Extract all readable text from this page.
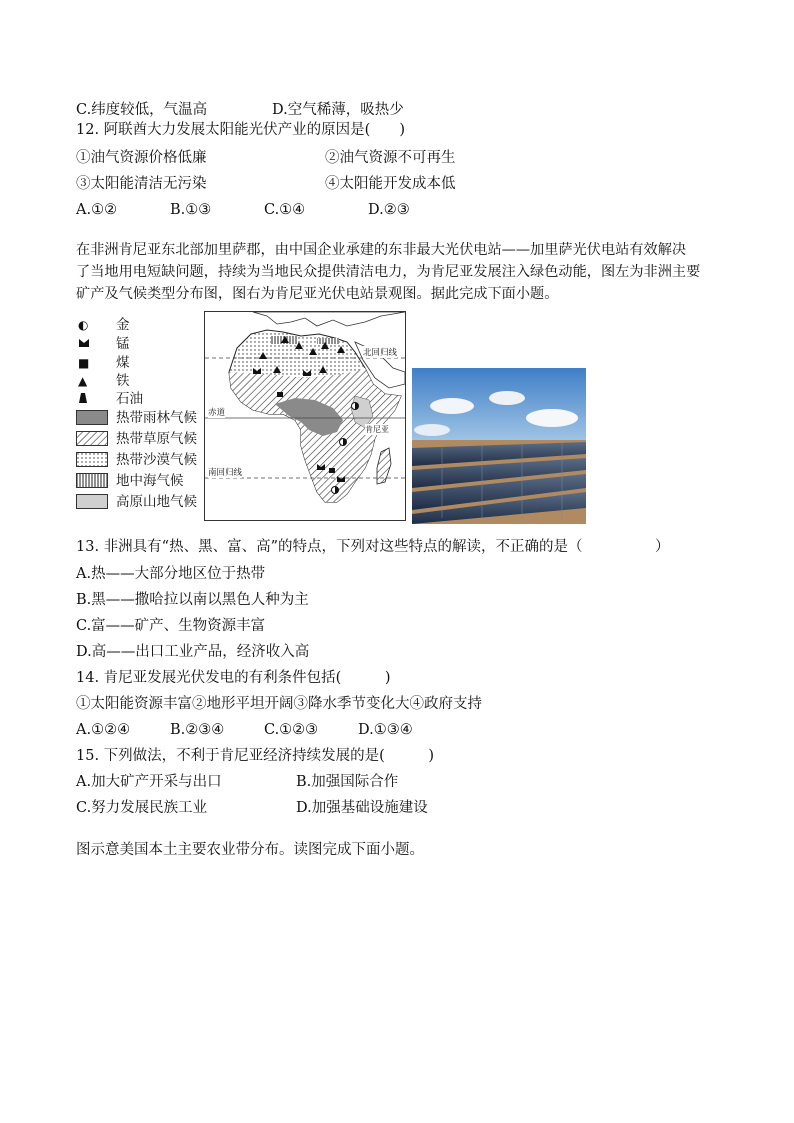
C.纬度较低，气温高	D.空气稀薄，吸热少
12. 阿联酋大力发展太阳能光伏产业的原因是(　　)
①油气资源价格低廉	②油气资源不可再生
③太阳能清洁无污染	④太阳能开发成本低
A.①②	B.①③	C.①④	D.②③
在非洲肯尼亚东北部加里萨郡，由中国企业承建的东非最大光伏电站——加里萨光伏电站有效解决
了当地用电短缺问题，持续为当地民众提供清洁电力，为肯尼亚发展注入绿色动能，图左为非洲主要
矿产及气候类型分布图，图右为肯尼亚光伏电站景观图。据此完成下面小题。
◐	金
锰
■	煤
▲	铁
石油
热带雨林气候
热带草原气候
热带沙漠气候
地中海气候
高原山地气候
北回归线
赤道
肯尼亚
南回归线
13. 非洲具有“热、黑、富、高”的特点，下列对这些特点的解读，不正确的是（　　　　　）
A.热——大部分地区位于热带
B.黑——撒哈拉以南以黑色人种为主
C.富——矿产、生物资源丰富
D.高——出口工业产品，经济收入高
14. 肯尼亚发展光伏发电的有利条件包括(　　　)
①太阳能资源丰富②地形平坦开阔③降水季节变化大④政府支持
A.①②④	B.②③④	C.①②③	D.①③④
15. 下列做法，不利于肯尼亚经济持续发展的是(　　　)
A.加大矿产开采与出口	B.加强国际合作
C.努力发展民族工业	D.加强基础设施建设
图示意美国本土主要农业带分布。读图完成下面小题。
